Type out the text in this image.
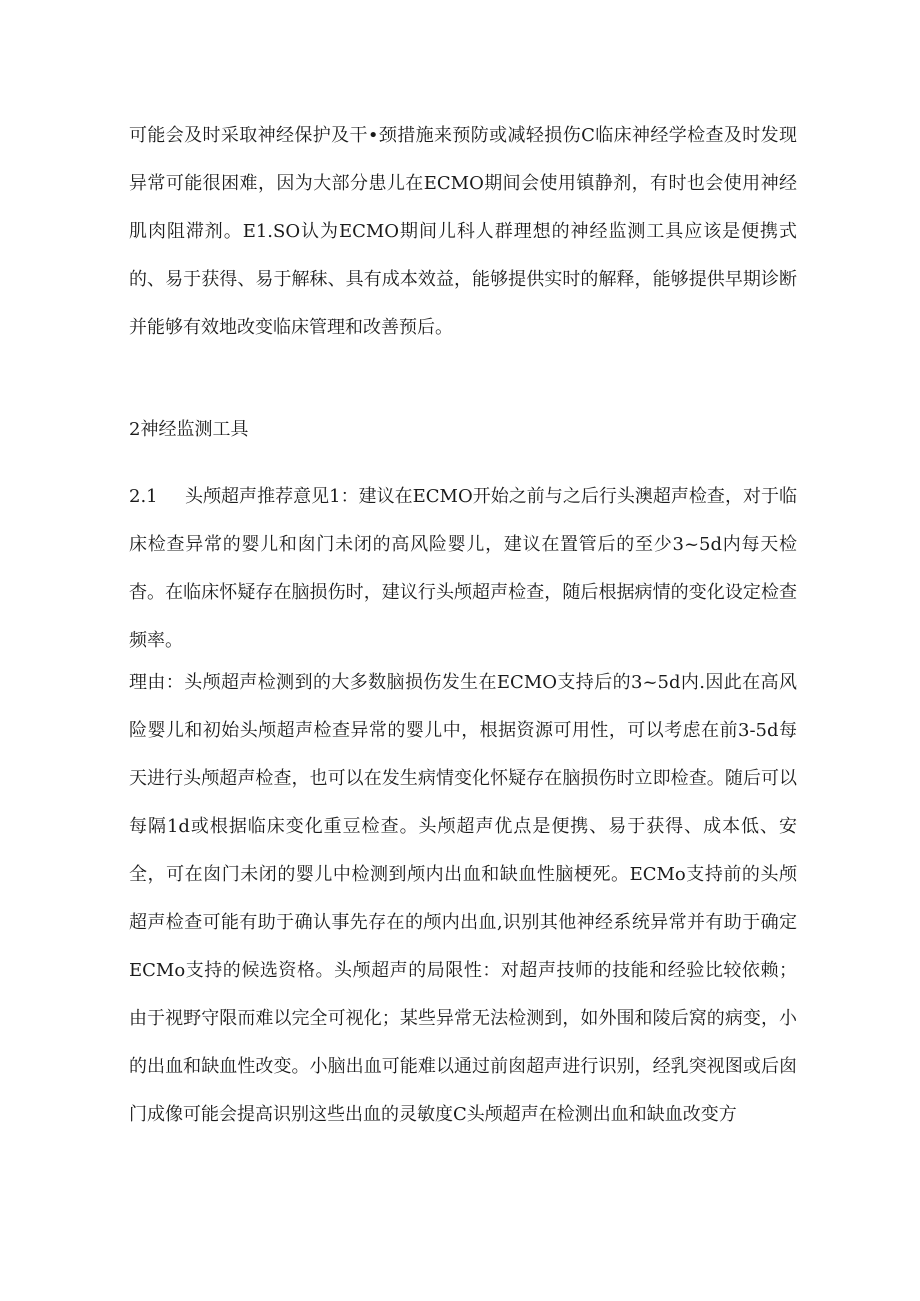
可能会及时采取神经保护及干•颈措施来预防或减轻损伤C临床神经学检查及时发现异常可能很困难，因为大部分患儿在ECMO期间会使用镇静剂，有时也会使用神经肌肉阻滞剂。E1.SO认为ECMO期间儿科人群理想的神经监测工具应该是便携式的、易于获得、易于解秣、具有成本效益，能够提供实时的解释，能够提供早期诊断并能够有效地改变临床管理和改善预后。

2神经监测工具

2.1 头颅超声推荐意见1：建议在ECMO开始之前与之后行头澳超声检查，对于临床检查异常的婴儿和囱门未闭的高风险婴儿，建议在置管后的至少3~5d内每天检杳。在临床怀疑存在脑损伤时，建议行头颅超声检查，随后根据病情的变化设定检查频率。

理由：头颅超声检测到的大多数脑损伤发生在ECMO支持后的3~5d内.因此在高风险婴儿和初始头颅超声检查异常的婴儿中，根据资源可用性，可以考虑在前3-5d每天进行头颅超声检查，也可以在发生病情变化怀疑存在脑损伤时立即检查。随后可以每隔1d或根据临床变化重豆检查。头颅超声优点是便携、易于获得、成本低、安全，可在囱门未闭的婴儿中检测到颅内出血和缺血性脑梗死。ECMo支持前的头颅超声检查可能有助于确认事先存在的颅内出血,识别其他神经系统异常并有助于确定ECMo支持的候选资格。头颅超声的局限性：对超声技师的技能和经验比较依赖；由于视野守限而难以完全可视化；某些异常无法检测到，如外围和陵后窝的病变，小的出血和缺血性改变。小脑出血可能难以通过前囱超声进行识别，经乳突视图或后囱门成像可能会提高识别这些出血的灵敏度C头颅超声在检测出血和缺血改变方
